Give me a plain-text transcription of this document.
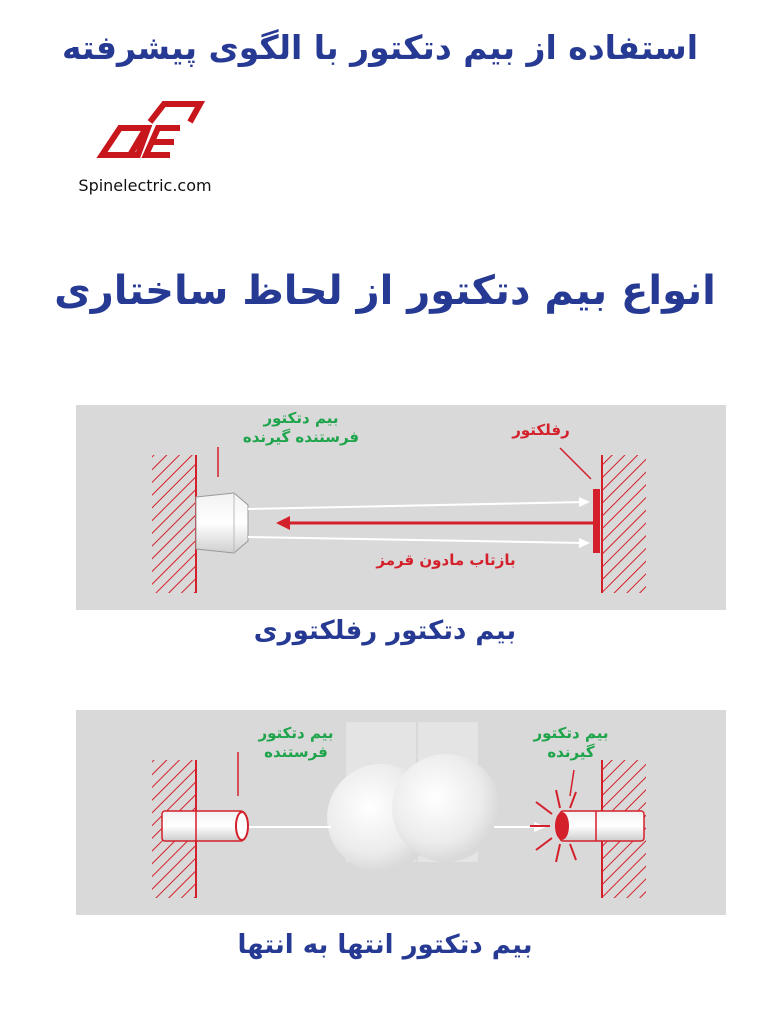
استفاده از بیم دتکتور با الگوی پیشرفته
Spinelectric.com
انواع بیم دتکتور از لحاظ ساختاری
بیم دتکتور
فرستنده گیرنده	رفلکتور
بازتاب مادون قرمز
بیم دتکتور رفلکتوری
بیم دتکتور
فرستنده
بیم دتکتور
گیرنده
بیم دتکتور انتها به انتها
